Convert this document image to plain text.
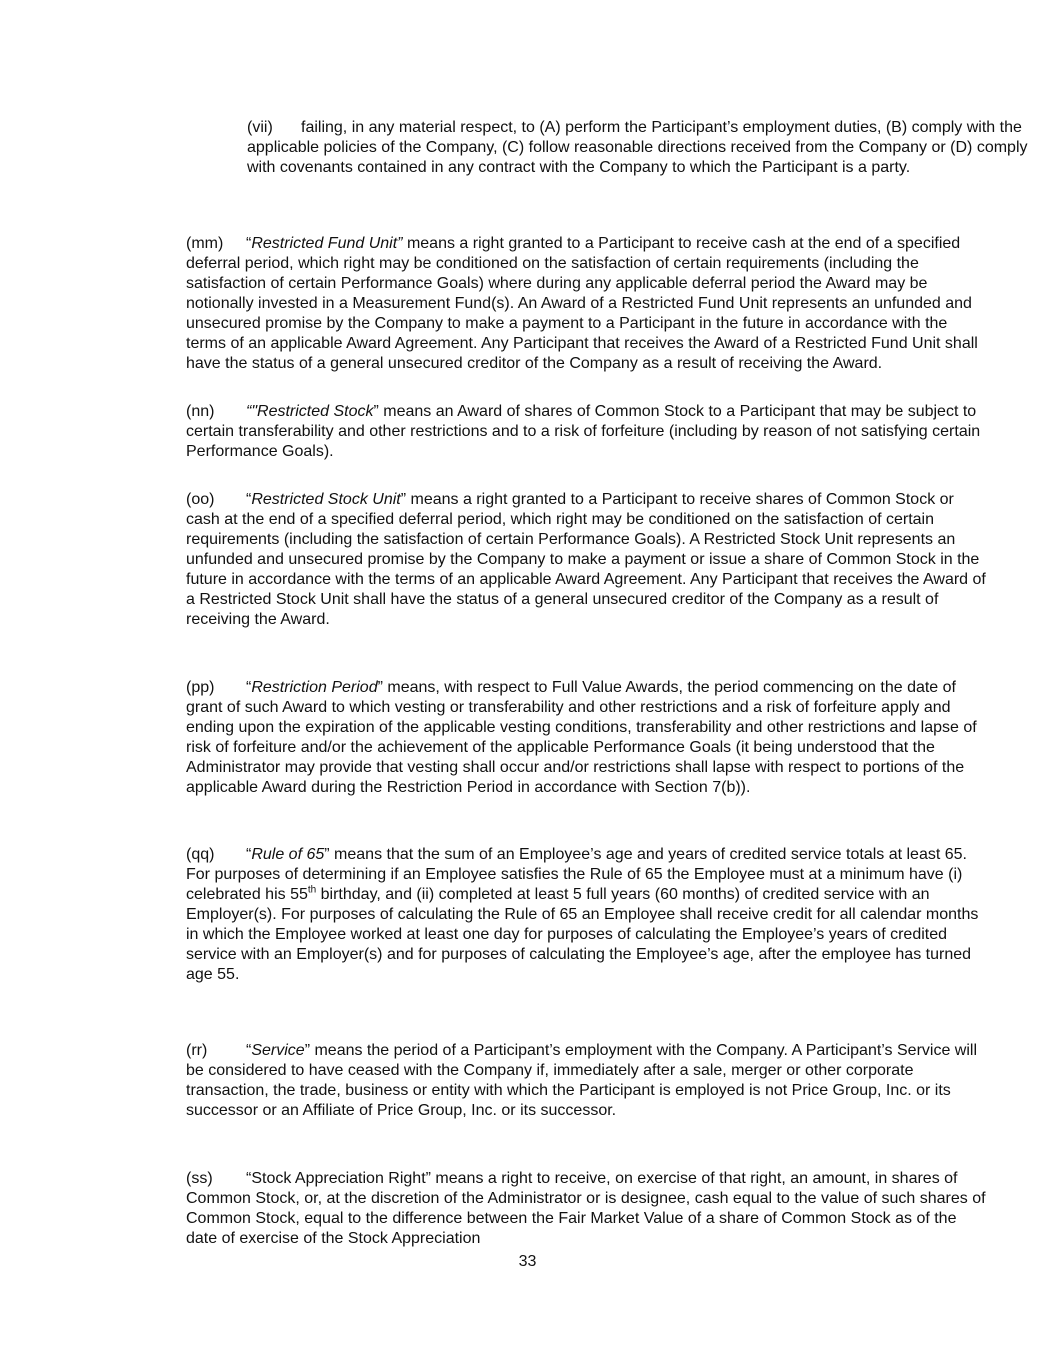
(vii) failing, in any material respect, to (A) perform the Participant’s employment duties, (B) comply with the applicable policies of the Company, (C) follow reasonable directions received from the Company or (D) comply with covenants contained in any contract with the Company to which the Participant is a party.

(mm) “Restricted Fund Unit” means a right granted to a Participant to receive cash at the end of a specified deferral period, which right may be conditioned on the satisfaction of certain requirements (including the satisfaction of certain Performance Goals) where during any applicable deferral period the Award may be notionally invested in a Measurement Fund(s). An Award of a Restricted Fund Unit represents an unfunded and unsecured promise by the Company to make a payment to a Participant in the future in accordance with the terms of an applicable Award Agreement. Any Participant that receives the Award of a Restricted Fund Unit shall have the status of a general unsecured creditor of the Company as a result of receiving the Award.

(nn) “"Restricted Stock” means an Award of shares of Common Stock to a Participant that may be subject to certain transferability and other restrictions and to a risk of forfeiture (including by reason of not satisfying certain Performance Goals).

(oo) “Restricted Stock Unit” means a right granted to a Participant to receive shares of Common Stock or cash at the end of a specified deferral period, which right may be conditioned on the satisfaction of certain requirements (including the satisfaction of certain Performance Goals). A Restricted Stock Unit represents an unfunded and unsecured promise by the Company to make a payment or issue a share of Common Stock in the future in accordance with the terms of an applicable Award Agreement. Any Participant that receives the Award of a Restricted Stock Unit shall have the status of a general unsecured creditor of the Company as a result of receiving the Award.

(pp) “Restriction Period” means, with respect to Full Value Awards, the period commencing on the date of grant of such Award to which vesting or transferability and other restrictions and a risk of forfeiture apply and ending upon the expiration of the applicable vesting conditions, transferability and other restrictions and lapse of risk of forfeiture and/or the achievement of the applicable Performance Goals (it being understood that the Administrator may provide that vesting shall occur and/or restrictions shall lapse with respect to portions of the applicable Award during the Restriction Period in accordance with Section 7(b)).

(qq) “Rule of 65” means that the sum of an Employee’s age and years of credited service totals at least 65. For purposes of determining if an Employee satisfies the Rule of 65 the Employee must at a minimum have (i) celebrated his 55th birthday, and (ii) completed at least 5 full years (60 months) of credited service with an Employer(s). For purposes of calculating the Rule of 65 an Employee shall receive credit for all calendar months in which the Employee worked at least one day for purposes of calculating the Employee’s years of credited service with an Employer(s) and for purposes of calculating the Employee’s age, after the employee has turned age 55.

(rr) “Service” means the period of a Participant’s employment with the Company. A Participant’s Service will be considered to have ceased with the Company if, immediately after a sale, merger or other corporate transaction, the trade, business or entity with which the Participant is employed is not Price Group, Inc. or its successor or an Affiliate of Price Group, Inc. or its successor.

(ss) “Stock Appreciation Right” means a right to receive, on exercise of that right, an amount, in shares of Common Stock, or, at the discretion of the Administrator or is designee, cash equal to the value of such shares of Common Stock, equal to the difference between the Fair Market Value of a share of Common Stock as of the date of exercise of the Stock Appreciation

33
